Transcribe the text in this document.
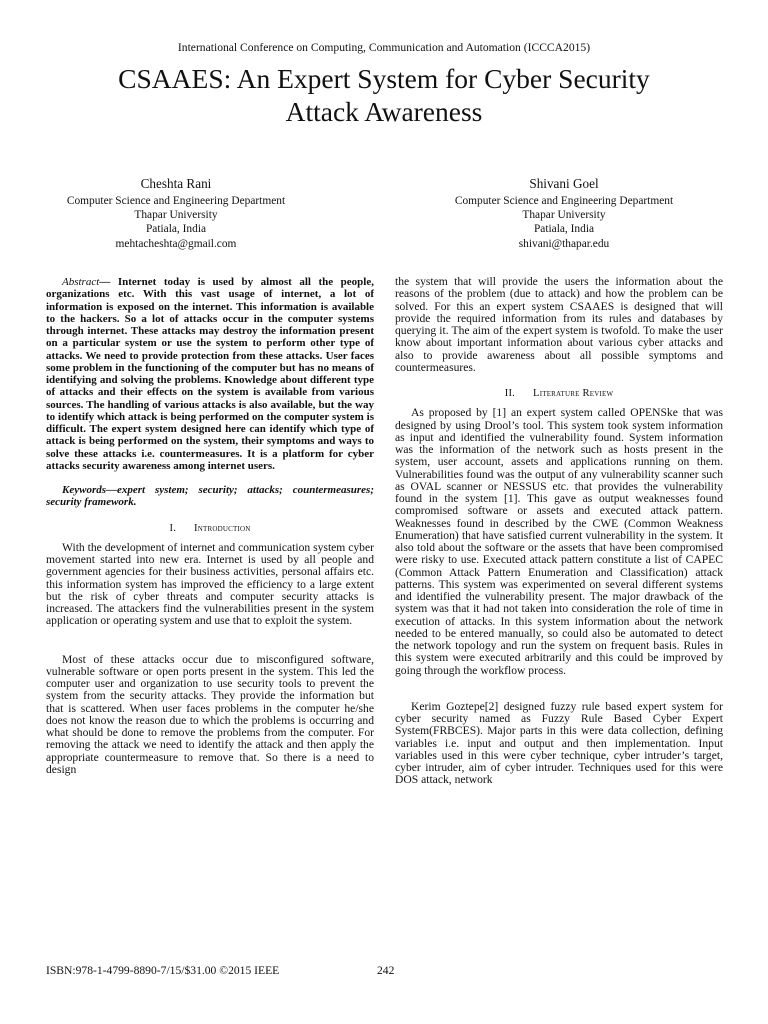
International Conference on Computing, Communication and Automation (ICCCA2015)
CSAAES: An Expert System for Cyber Security
Attack Awareness
Cheshta Rani
Computer Science and Engineering Department
Thapar University
Patiala, India
mehtacheshta@gmail.com
Shivani Goel
Computer Science and Engineering Department
Thapar University
Patiala, India
shivani@thapar.edu

Abstract— Internet today is used by almost all the people, organizations etc. With this vast usage of internet, a lot of information is exposed on the internet. This information is available to the hackers. So a lot of attacks occur in the computer systems through internet. These attacks may destroy the information present on a particular system or use the system to perform other type of attacks. We need to provide protection from these attacks. User faces some problem in the functioning of the computer but has no means of identifying and solving the problems. Knowledge about different type of attacks and their effects on the system is available from various sources. The handling of various attacks is also available, but the way to identify which attack is being performed on the computer system is difficult. The expert system designed here can identify which type of attack is being performed on the system, their symptoms and ways to solve these attacks i.e. countermeasures. It is a platform for cyber attacks security awareness among internet users.

Keywords—expert system; security; attacks; countermeasures; security framework.

I. Introduction

With the development of internet and communication system cyber movement started into new era. Internet is used by all people and government agencies for their business activities, personal affairs etc. this information system has improved the efficiency to a large extent but the risk of cyber threats and computer security attacks is increased. The attackers find the vulnerabilities present in the system application or operating system and use that to exploit the system.

Most of these attacks occur due to misconfigured software, vulnerable software or open ports present in the system. This led the computer user and organization to use security tools to prevent the system from the security attacks. They provide the information but that is scattered. When user faces problems in the computer he/she does not know the reason due to which the problems is occurring and what should be done to remove the problems from the computer. For removing the attack we need to identify the attack and then apply the appropriate countermeasure to remove that. So there is a need to design

the system that will provide the users the information about the reasons of the problem (due to attack) and how the problem can be solved. For this an expert system CSAAES is designed that will provide the required information from its rules and databases by querying it. The aim of the expert system is twofold. To make the user know about important information about various cyber attacks and also to provide awareness about all possible symptoms and countermeasures.

II. Literature Review

As proposed by [1] an expert system called OPENSke that was designed by using Drool’s tool. This system took system information as input and identified the vulnerability found. System information was the information of the network such as hosts present in the system, user account, assets and applications running on them. Vulnerabilities found was the output of any vulnerability scanner such as OVAL scanner or NESSUS etc. that provides the vulnerability found in the system [1]. This gave as output weaknesses found compromised software or assets and executed attack pattern. Weaknesses found in described by the CWE (Common Weakness Enumeration) that have satisfied current vulnerability in the system. It also told about the software or the assets that have been compromised were risky to use. Executed attack pattern constitute a list of CAPEC (Common Attack Pattern Enumeration and Classification) attack patterns. This system was experimented on several different systems and identified the vulnerability present. The major drawback of the system was that it had not taken into consideration the role of time in execution of attacks. In this system information about the network needed to be entered manually, so could also be automated to detect the network topology and run the system on frequent basis. Rules in this system were executed arbitrarily and this could be improved by going through the workflow process.

Kerim Goztepe[2] designed fuzzy rule based expert system for cyber security named as Fuzzy Rule Based Cyber Expert System(FRBCES). Major parts in this were data collection, defining variables i.e. input and output and then implementation. Input variables used in this were cyber technique, cyber intruder’s target, cyber intruder, aim of cyber intruder. Techniques used for this were DOS attack, network

ISBN:978-1-4799-8890-7/15/$31.00 ©2015 IEEE	242
